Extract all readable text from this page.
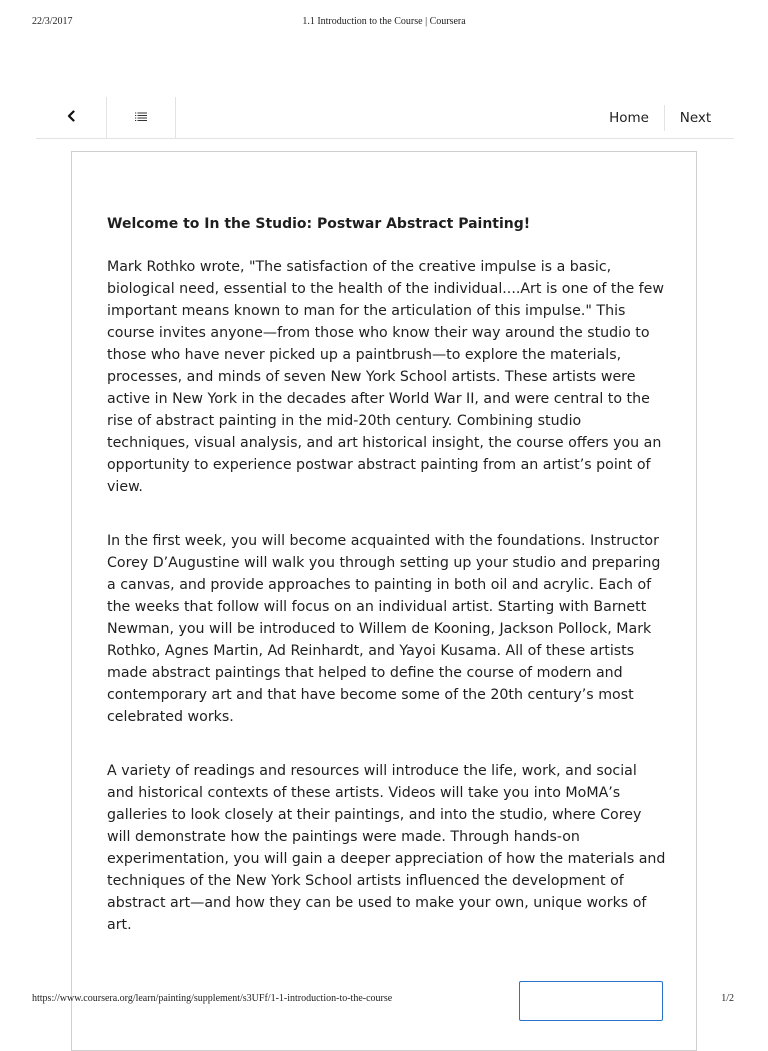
22/3/2017	1.1 Introduction to the Course | Coursera
Home	Next

Welcome to In the Studio: Postwar Abstract Painting!

Mark Rothko wrote, "The satisfaction of the creative impulse is a basic, biological need, essential to the health of the individual....Art is one of the few important means known to man for the articulation of this impulse." This course invites anyone—from those who know their way around the studio to those who have never picked up a paintbrush—to explore the materials, processes, and minds of seven New York School artists. These artists were active in New York in the decades after World War II, and were central to the rise of abstract painting in the mid-20th century. Combining studio techniques, visual analysis, and art historical insight, the course offers you an opportunity to experience postwar abstract painting from an artist’s point of view.

In the first week, you will become acquainted with the foundations. Instructor Corey D’Augustine will walk you through setting up your studio and preparing a canvas, and provide approaches to painting in both oil and acrylic. Each of the weeks that follow will focus on an individual artist. Starting with Barnett Newman, you will be introduced to Willem de Kooning, Jackson Pollock, Mark Rothko, Agnes Martin, Ad Reinhardt, and Yayoi Kusama. All of these artists made abstract paintings that helped to define the course of modern and contemporary art and that have become some of the 20th century’s most celebrated works.

A variety of readings and resources will introduce the life, work, and social and historical contexts of these artists. Videos will take you into MoMA’s galleries to look closely at their paintings, and into the studio, where Corey will demonstrate how the paintings were made. Through hands-on experimentation, you will gain a deeper appreciation of how the materials and techniques of the New York School artists influenced the development of abstract art—and how they can be used to make your own, unique works of art.

https://www.coursera.org/learn/painting/supplement/s3UFf/1-1-introduction-to-the-course	1/2
